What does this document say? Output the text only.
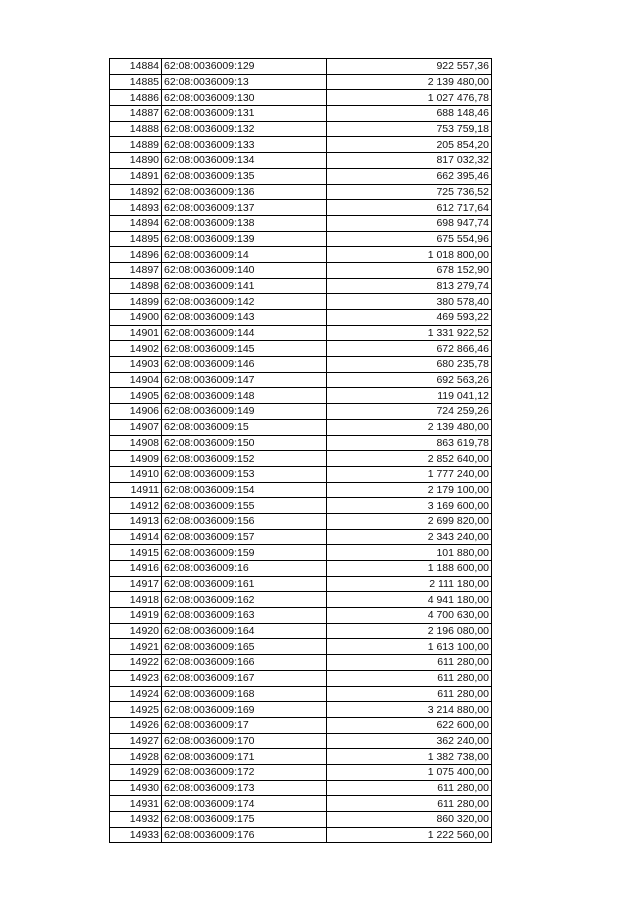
14884	62:08:0036009:129	922 557,36
14885	62:08:0036009:13	2 139 480,00
14886	62:08:0036009:130	1 027 476,78
14887	62:08:0036009:131	688 148,46
14888	62:08:0036009:132	753 759,18
14889	62:08:0036009:133	205 854,20
14890	62:08:0036009:134	817 032,32
14891	62:08:0036009:135	662 395,46
14892	62:08:0036009:136	725 736,52
14893	62:08:0036009:137	612 717,64
14894	62:08:0036009:138	698 947,74
14895	62:08:0036009:139	675 554,96
14896	62:08:0036009:14	1 018 800,00
14897	62:08:0036009:140	678 152,90
14898	62:08:0036009:141	813 279,74
14899	62:08:0036009:142	380 578,40
14900	62:08:0036009:143	469 593,22
14901	62:08:0036009:144	1 331 922,52
14902	62:08:0036009:145	672 866,46
14903	62:08:0036009:146	680 235,78
14904	62:08:0036009:147	692 563,26
14905	62:08:0036009:148	119 041,12
14906	62:08:0036009:149	724 259,26
14907	62:08:0036009:15	2 139 480,00
14908	62:08:0036009:150	863 619,78
14909	62:08:0036009:152	2 852 640,00
14910	62:08:0036009:153	1 777 240,00
14911	62:08:0036009:154	2 179 100,00
14912	62:08:0036009:155	3 169 600,00
14913	62:08:0036009:156	2 699 820,00
14914	62:08:0036009:157	2 343 240,00
14915	62:08:0036009:159	101 880,00
14916	62:08:0036009:16	1 188 600,00
14917	62:08:0036009:161	2 111 180,00
14918	62:08:0036009:162	4 941 180,00
14919	62:08:0036009:163	4 700 630,00
14920	62:08:0036009:164	2 196 080,00
14921	62:08:0036009:165	1 613 100,00
14922	62:08:0036009:166	611 280,00
14923	62:08:0036009:167	611 280,00
14924	62:08:0036009:168	611 280,00
14925	62:08:0036009:169	3 214 880,00
14926	62:08:0036009:17	622 600,00
14927	62:08:0036009:170	362 240,00
14928	62:08:0036009:171	1 382 738,00
14929	62:08:0036009:172	1 075 400,00
14930	62:08:0036009:173	611 280,00
14931	62:08:0036009:174	611 280,00
14932	62:08:0036009:175	860 320,00
14933	62:08:0036009:176	1 222 560,00
